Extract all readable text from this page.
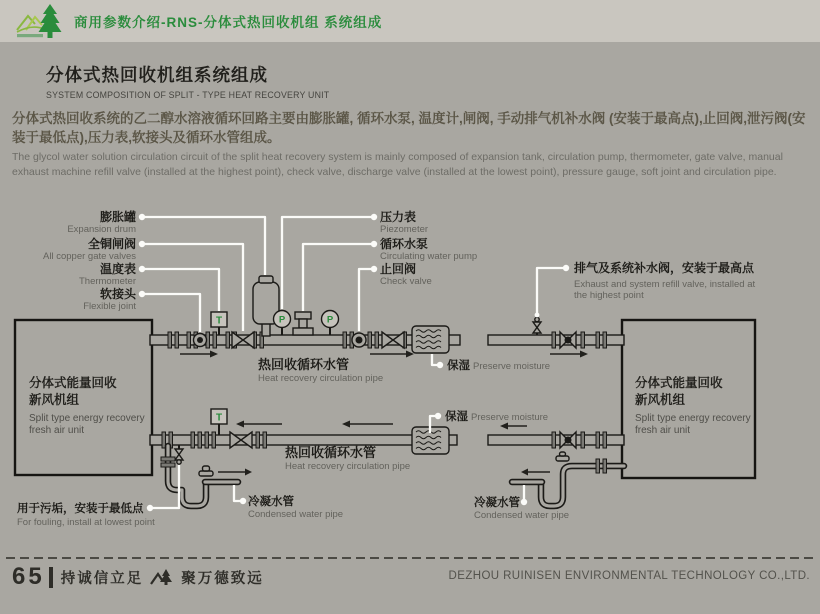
商用参数介绍-RNS-分体式热回收机组 系统组成
分体式热回收机组系统组成
SYSTEM COMPOSITION OF SPLIT - TYPE HEAT RECOVERY UNIT
分体式热回收系统的乙二醇水溶液循环回路主要由膨胀罐, 循环水泵, 温度计,闸阀, 手动排气机补水阀 (安装于最高点),止回阀,泄污阀(安装于最低点),压力表,软接头及循环水管组成。
The glycol water solution circulation circuit of the split heat recovery system is mainly composed of expansion tank, circulation pump, thermometer, gate valve, manual exhaust machine refill valve (installed at the highest point), check valve, discharge valve (installed at the lowest point), pressure gauge, soft joint and circulation pipe.
分体式能量回收
新风机组
Split type energy recovery
fresh air unit
分体式能量回收
新风机组
Split type energy recovery
fresh air unit
T	P	P
T
膨胀罐
Expansion drum
全铜闸阀
All copper gate valves
温度表
Thermometer
软接头
Flexible joint
压力表
Piezometer
循环水泵
Circulating water pump
止回阀
Check valve
排气及系统补水阀，安装于最高点
Exhaust and system refill valve, installed at
the highest point
热回收循环水管
Heat recovery circulation pipe
热回收循环水管
Heat recovery circulation pipe
保湿 Preserve moisture
保湿 Preserve moisture
用于污垢，安装于最低点
For fouling, install at lowest point
冷凝水管
Condensed water pipe
冷凝水管
Condensed water pipe
65 持诚信立足	聚万德致远	DEZHOU RUINISEN ENVIRONMENTAL TECHNOLOGY CO.,LTD.
